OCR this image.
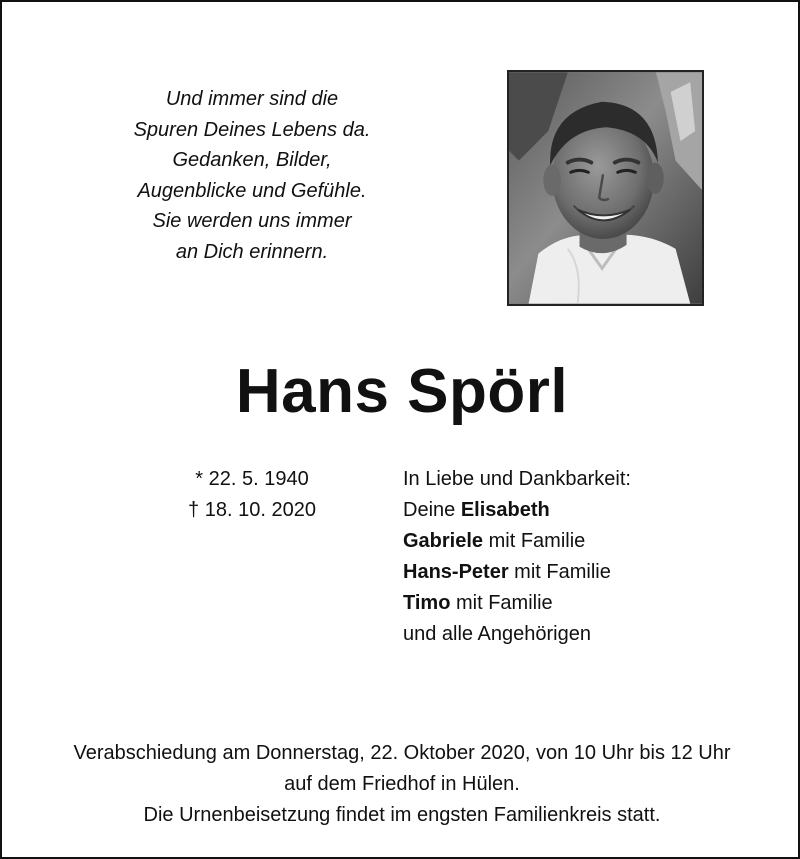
Und immer sind die
Spuren Deines Lebens da.
Gedanken, Bilder,
Augenblicke und Gefühle.
Sie werden uns immer
an Dich erinnern.
Hans Spörl
* 22. 5. 1940
† 18. 10. 2020
In Liebe und Dankbarkeit:
Deine Elisabeth
Gabriele mit Familie
Hans-Peter mit Familie
Timo mit Familie
und alle Angehörigen
Verabschiedung am Donnerstag, 22. Oktober 2020, von 10 Uhr bis 12 Uhr
auf dem Friedhof in Hülen.
Die Urnenbeisetzung findet im engsten Familienkreis statt.
